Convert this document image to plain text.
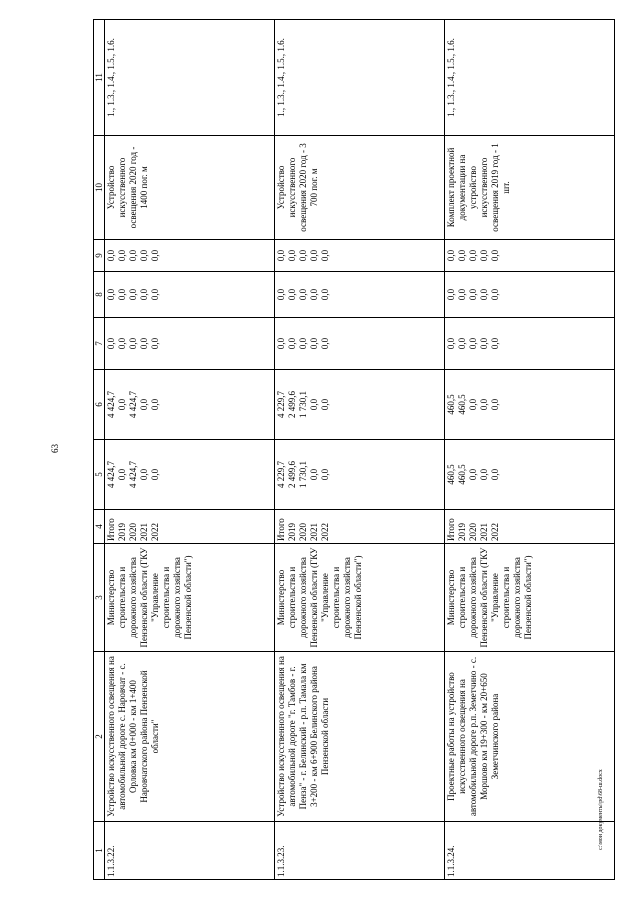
63
1	2	3	4	5	6	7	8	9	10	11
1.1.3.22.	Устройство искусственного освещения на автомобильной дороге с. Наровчат - с. Орловка км 0+000 - км 1+400 Наровчатского района Пензенской области"	Министерство строительства и дорожного хозяйства Пензенской области (ГКУ "Управление строительства и дорожного хозяйства Пензенской области")	Итого 2019 2020 2021 2022	4 424,7 0,0 4 424,7 0,0 0,0	4 424,7 0,0 4 424,7 0,0 0,0	0,0 0,0 0,0 0,0 0,0	0,0 0,0 0,0 0,0 0,0	0,0 0,0 0,0 0,0 0,0	Устройство искусственного освещения 2020 год - 1400 пог. м	1., 1.3., 1.4., 1.5., 1.6.
1.1.3.23.	Устройство искусственного освещения на автомобильной дороге "г. Тамбов - г. Пенза" - г. Белинский - р.п. Тамала км 3+200 - км 6+900 Белинского района Пензенской области	Министерство строительства и дорожного хозяйства Пензенской области (ГКУ "Управление строительства и дорожного хозяйства Пензенской области")	Итого 2019 2020 2021 2022	4 229,7 2 499,6 1 730,1 0,0 0,0	4 229,7 2 499,6 1 730,1 0,0 0,0	0,0 0,0 0,0 0,0 0,0	0,0 0,0 0,0 0,0 0,0	0,0 0,0 0,0 0,0 0,0	Устройство искусственного освещения 2020 год - 3 700 пог. м	1., 1.3., 1.4., 1.5., 1.6.
1.1.3.24.	Проектные работы на устройство искусственного освещения на автомобильной дороге р.п. Земетчино - с. Моршово км 19+300 - км 20+650 Земетчинского района	Министерство строительства и дорожного хозяйства Пензенской области (ГКУ "Управление строительства и дорожного хозяйства Пензенской области")	Итого 2019 2020 2021 2022	460,5 460,5 0,0 0,0 0,0	460,5 460,5 0,0 0,0 0,0	0,0 0,0 0,0 0,0 0,0	0,0 0,0 0,0 0,0 0,0	0,0 0,0 0,0 0,0 0,0	Комплект проектной документации на устройство искусственного освещения 2019 год - 1 шт.	1., 1.3., 1.4., 1.5., 1.6.
c:\мои документы\pd\68-ш.docx
